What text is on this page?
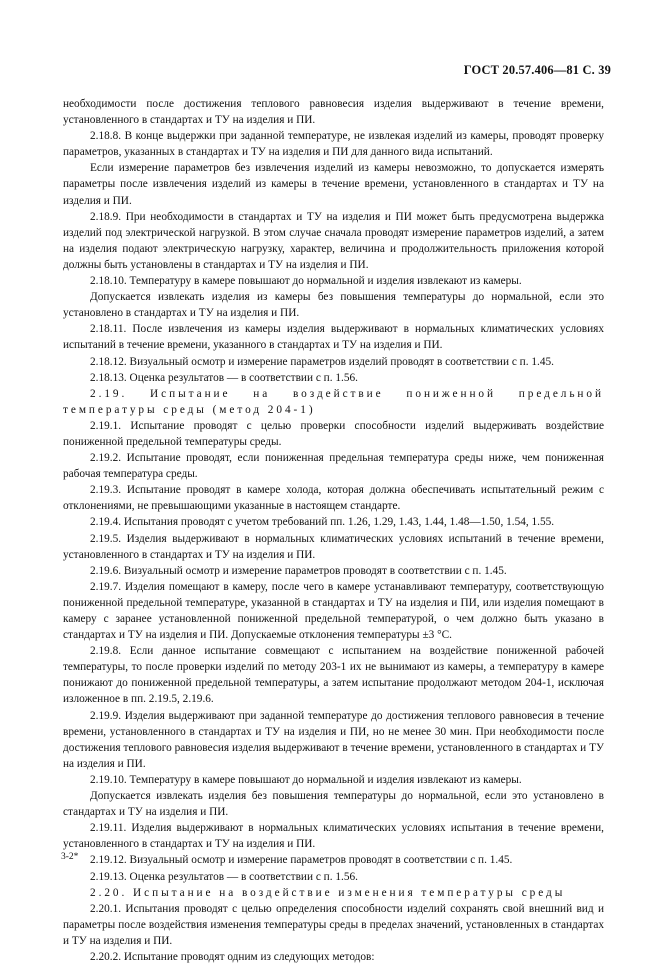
ГОСТ 20.57.406—81 С. 39

необходимости после достижения теплового равновесия изделия выдерживают в течение времени, установленного в стандартах и ТУ на изделия и ПИ.

2.18.8. В конце выдержки при заданной температуре, не извлекая изделий из камеры, проводят проверку параметров, указанных в стандартах и ТУ на изделия и ПИ для данного вида испытаний.

Если измерение параметров без извлечения изделий из камеры невозможно, то допускается измерять параметры после извлечения изделий из камеры в течение времени, установленного в стандартах и ТУ на изделия и ПИ.

2.18.9. При необходимости в стандартах и ТУ на изделия и ПИ может быть предусмотрена выдержка изделий под электрической нагрузкой. В этом случае сначала проводят измерение параметров изделий, а затем на изделия подают электрическую нагрузку, характер, величина и продолжительность приложения которой должны быть установлены в стандартах и ТУ на изделия и ПИ.

2.18.10. Температуру в камере повышают до нормальной и изделия извлекают из камеры.

Допускается извлекать изделия из камеры без повышения температуры до нормальной, если это установлено в стандартах и ТУ на изделия и ПИ.

2.18.11. После извлечения из камеры изделия выдерживают в нормальных климатических условиях испытаний в течение времени, указанного в стандартах и ТУ на изделия и ПИ.

2.18.12. Визуальный осмотр и измерение параметров изделий проводят в соответствии с п. 1.45.

2.18.13. Оценка результатов — в соответствии с п. 1.56.

2.19. Испытание на воздействие пониженной предельной температуры среды (метод 204-1)

2.19.1. Испытание проводят с целью проверки способности изделий выдерживать воздействие пониженной предельной температуры среды.

2.19.2. Испытание проводят, если пониженная предельная температура среды ниже, чем пониженная рабочая температура среды.

2.19.3. Испытание проводят в камере холода, которая должна обеспечивать испытательный режим с отклонениями, не превышающими указанные в настоящем стандарте.

2.19.4. Испытания проводят с учетом требований пп. 1.26, 1.29, 1.43, 1.44, 1.48—1.50, 1.54, 1.55.

2.19.5. Изделия выдерживают в нормальных климатических условиях испытаний в течение времени, установленного в стандартах и ТУ на изделия и ПИ.

2.19.6. Визуальный осмотр и измерение параметров проводят в соответствии с п. 1.45.

2.19.7. Изделия помещают в камеру, после чего в камере устанавливают температуру, соответствующую пониженной предельной температуре, указанной в стандартах и ТУ на изделия и ПИ, или изделия помещают в камеру с заранее установленной пониженной предельной температурой, о чем должно быть указано в стандартах и ТУ на изделия и ПИ. Допускаемые отклонения температуры ±3 °С.

2.19.8. Если данное испытание совмещают с испытанием на воздействие пониженной рабочей температуры, то после проверки изделий по методу 203-1 их не вынимают из камеры, а температуру в камере понижают до пониженной предельной температуры, а затем испытание продолжают методом 204-1, исключая изложенное в пп. 2.19.5, 2.19.6.

2.19.9. Изделия выдерживают при заданной температуре до достижения теплового равновесия в течение времени, установленного в стандартах и ТУ на изделия и ПИ, но не менее 30 мин. При необходимости после достижения теплового равновесия изделия выдерживают в течение времени, установленного в стандартах и ТУ на изделия и ПИ.

2.19.10. Температуру в камере повышают до нормальной и изделия извлекают из камеры.

Допускается извлекать изделия без повышения температуры до нормальной, если это установлено в стандартах и ТУ на изделия и ПИ.

2.19.11. Изделия выдерживают в нормальных климатических условиях испытания в течение времени, установленного в стандартах и ТУ на изделия и ПИ.

2.19.12. Визуальный осмотр и измерение параметров проводят в соответствии с п. 1.45.

2.19.13. Оценка результатов — в соответствии с п. 1.56.

2.20. Испытание на воздействие изменения температуры среды

2.20.1. Испытания проводят с целью определения способности изделий сохранять свой внешний вид и параметры после воздействия изменения температуры среды в пределах значений, установленных в стандартах и ТУ на изделия и ПИ.

2.20.2. Испытание проводят одним из следующих методов:

3-2*
